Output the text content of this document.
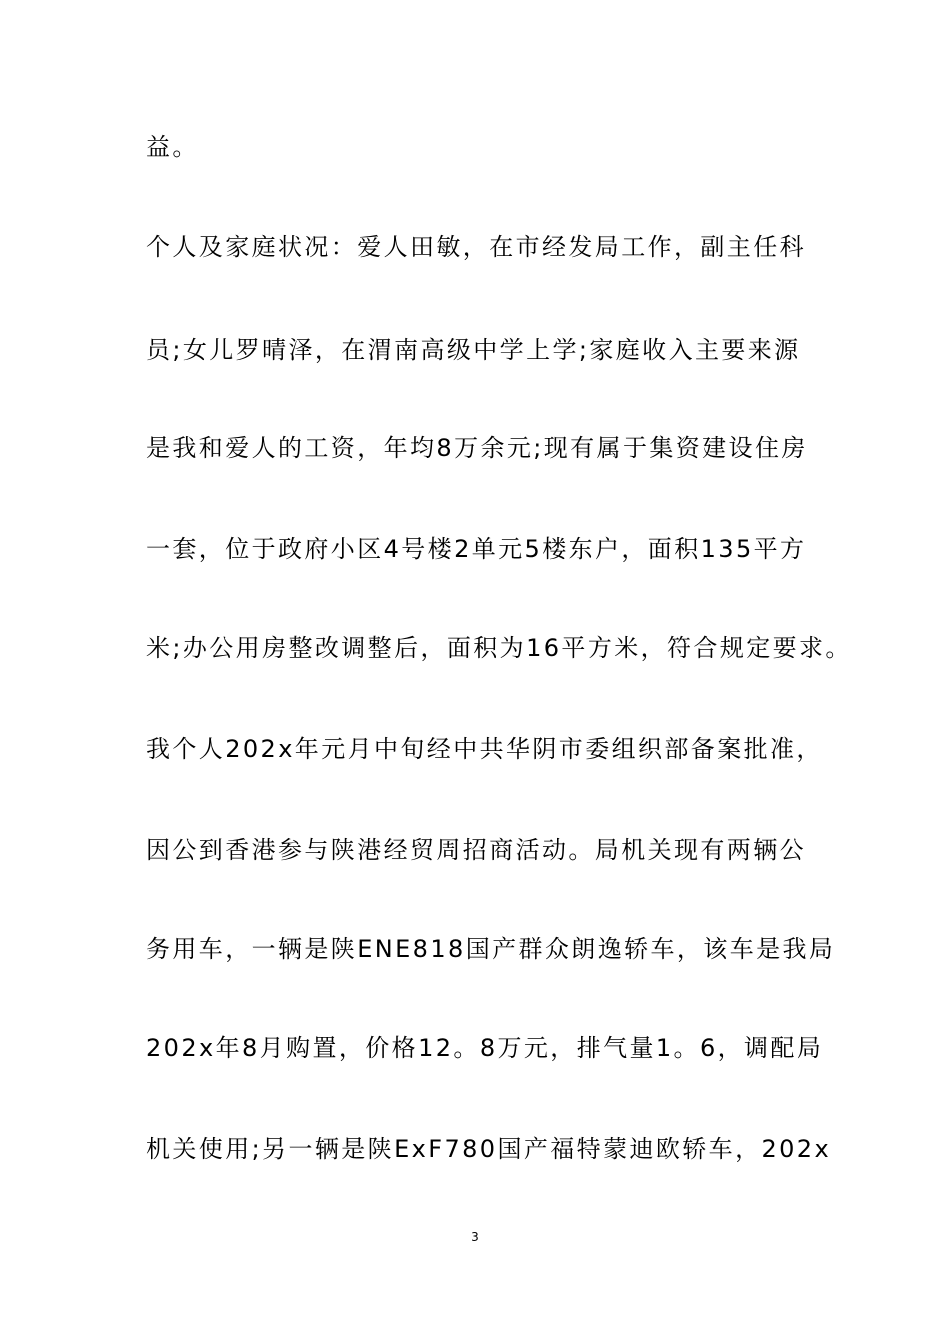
益。
个人及家庭状况：爱人田敏，在市经发局工作，副主任科
员;女儿罗晴泽，在渭南高级中学上学;家庭收入主要来源
是我和爱人的工资，年均8万余元;现有属于集资建设住房
一套，位于政府小区4号楼2单元5楼东户，面积135平方
米;办公用房整改调整后，面积为16平方米，符合规定要求。
我个人202x年元月中旬经中共华阴市委组织部备案批准，
因公到香港参与陕港经贸周招商活动。局机关现有两辆公
务用车，一辆是陕ENE818国产群众朗逸轿车，该车是我局
202x年8月购置，价格12。8万元，排气量1。6，调配局
机关使用;另一辆是陕ExF780国产福特蒙迪欧轿车，202x
3
